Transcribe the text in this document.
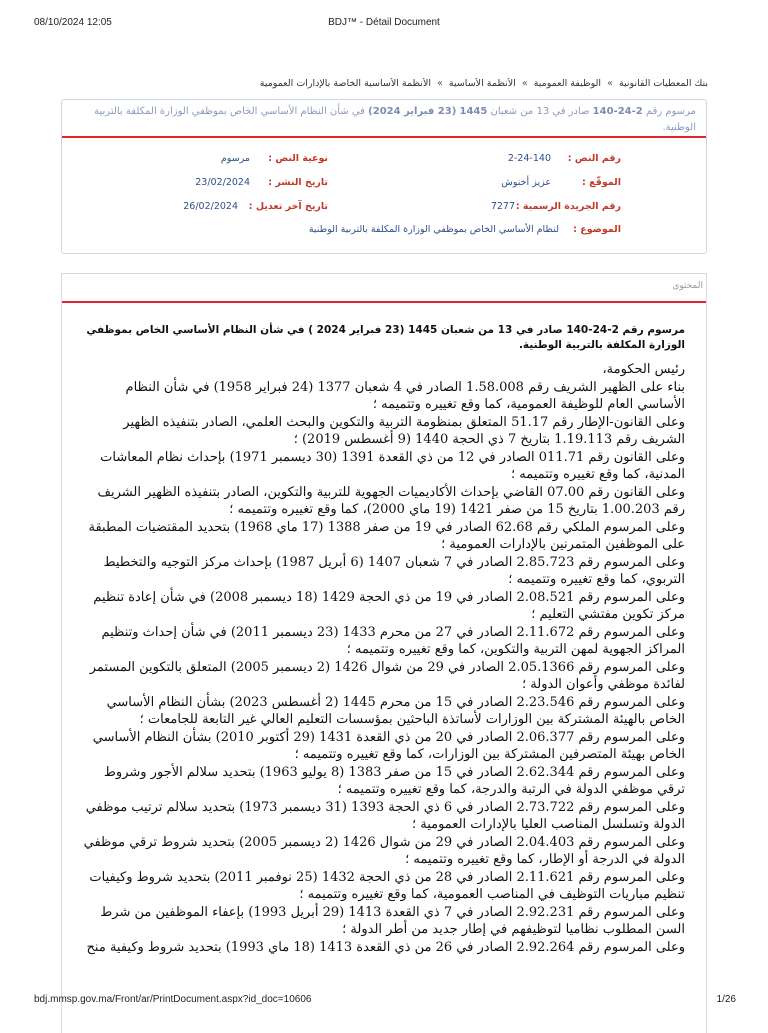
08/10/2024 12:05	BDJ™ - Détail Document
بنك المعطيات القانونية » الوظيفة العمومية » الأنظمة الأساسية » الأنظمة الأساسية الخاصة بالإدارات العمومية
مرسوم رقم 2-24-140 صادر في 13 من شعبان 1445 (23 فبراير 2024) في شأن النظام الأساسي الخاص بموظفي الوزارة المكلفة بالتربية الوطنية.
رقم النص :2-24-140
نوعية النص :مرسوم
الموقّع :عزيز أخنوش
تاريخ النشر :23/02/2024
رقم الجريدة الرسمية :7277
تاريخ آخر تعديل :26/02/2024
الموضوع :لنظام الأساسي الخاص بموظفي الوزارة المكلفة بالتربية الوطنية
المحتوى
مرسوم رقم 2-24-140 صادر في 13 من شعبان 1445 (23 فبراير 2024 ) في شأن النظام الأساسي الخاص بموظفي الوزارة المكلفة بالتربية الوطنية.
رئيس الحكومة،
بناء على الظهير الشريف رقم 1.58.008 الصادر في 4 شعبان 1377 (24 فبراير 1958) في شأن النظام الأساسي العام للوظيفة العمومية، كما وقع تغييره وتتميمه ؛
وعلى القانون-الإطار رقم 51.17 المتعلق بمنظومة التربية والتكوين والبحث العلمي، الصادر بتنفيذه الظهير الشريف رقم 1.19.113 بتاريخ 7 ذي الحجة 1440 (9 أغسطس 2019) ؛
وعلى القانون رقم 011.71 الصادر في 12 من ذي القعدة 1391 (30 ديسمبر 1971) بإحداث نظام المعاشات المدنية، كما وقع تغييره وتتميمه ؛
وعلى القانون رقم 07.00 القاضي بإحداث الأكاديميات الجهوية للتربية والتكوين، الصادر بتنفيذه الظهير الشريف رقم 1.00.203 بتاريخ 15 من صفر 1421 (19 ماي 2000)، كما وقع تغييره وتتميمه ؛
وعلى المرسوم الملكي رقم 62.68 الصادر في 19 من صفر 1388 (17 ماي 1968) بتحديد المقتضيات المطبقة على الموظفين المتمرنين بالإدارات العمومية ؛
وعلى المرسوم رقم 2.85.723 الصادر في 7 شعبان 1407 (6 أبريل 1987) بإحداث مركز التوجيه والتخطيط التربوي، كما وقع تغييره وتتميمه ؛
وعلى المرسوم رقم 2.08.521 الصادر في 19 من ذي الحجة 1429 (18 ديسمبر 2008) في شأن إعادة تنظيم مركز تكوين مفتشي التعليم ؛
وعلى المرسوم رقم 2.11.672 الصادر في 27 من محرم 1433 (23 ديسمبر 2011) في شأن إحداث وتنظيم المراكز الجهوية لمهن التربية والتكوين، كما وقع تغييره وتتميمه ؛
وعلى المرسوم رقم 2.05.1366 الصادر في 29 من شوال 1426 (2 ديسمبر 2005) المتعلق بالتكوين المستمر لفائدة موظفي وأعوان الدولة ؛
وعلى المرسوم رقم 2.23.546 الصادر في 15 من محرم 1445 (2 أغسطس 2023) بشأن النظام الأساسي الخاص بالهيئة المشتركة بين الوزارات لأساتذة الباحثين بمؤسسات التعليم العالي غير التابعة للجامعات ؛
وعلى المرسوم رقم 2.06.377 الصادر في 20 من ذي القعدة 1431 (29 أكتوبر 2010) بشأن النظام الأساسي الخاص بهيئة المتصرفين المشتركة بين الوزارات، كما وقع تغييره وتتميمه ؛
وعلى المرسوم رقم 2.62.344 الصادر في 15 من صفر 1383 (8 يوليو 1963) بتحديد سلالم الأجور وشروط ترقي موظفي الدولة في الرتبة والدرجة، كما وقع تغييره وتتميمه ؛
وعلى المرسوم رقم 2.73.722 الصادر في 6 ذي الحجة 1393 (31 ديسمبر 1973) بتحديد سلالم ترتيب موظفي الدولة وتسلسل المناصب العليا بالإدارات العمومية ؛
وعلى المرسوم رقم 2.04.403 الصادر في 29 من شوال 1426 (2 ديسمبر 2005) بتحديد شروط ترقي موظفي الدولة في الدرجة أو الإطار، كما وقع تغييره وتتميمه ؛
وعلى المرسوم رقم 2.11.621 الصادر في 28 من ذي الحجة 1432 (25 نوفمبر 2011) بتحديد شروط وكيفيات تنظيم مباريات التوظيف في المناصب العمومية، كما وقع تغييره وتتميمه ؛
وعلى المرسوم رقم 2.92.231 الصادر في 7 ذي القعدة 1413 (29 أبريل 1993) بإعفاء الموظفين من شرط السن المطلوب نظاميا لتوظيفهم في إطار جديد من أطر الدولة ؛
وعلى المرسوم رقم 2.92.264 الصادر في 26 من ذي القعدة 1413 (18 ماي 1993) بتحديد شروط وكيفية منح
bdj.mmsp.gov.ma/Front/ar/PrintDocument.aspx?id_doc=10606	1/26
